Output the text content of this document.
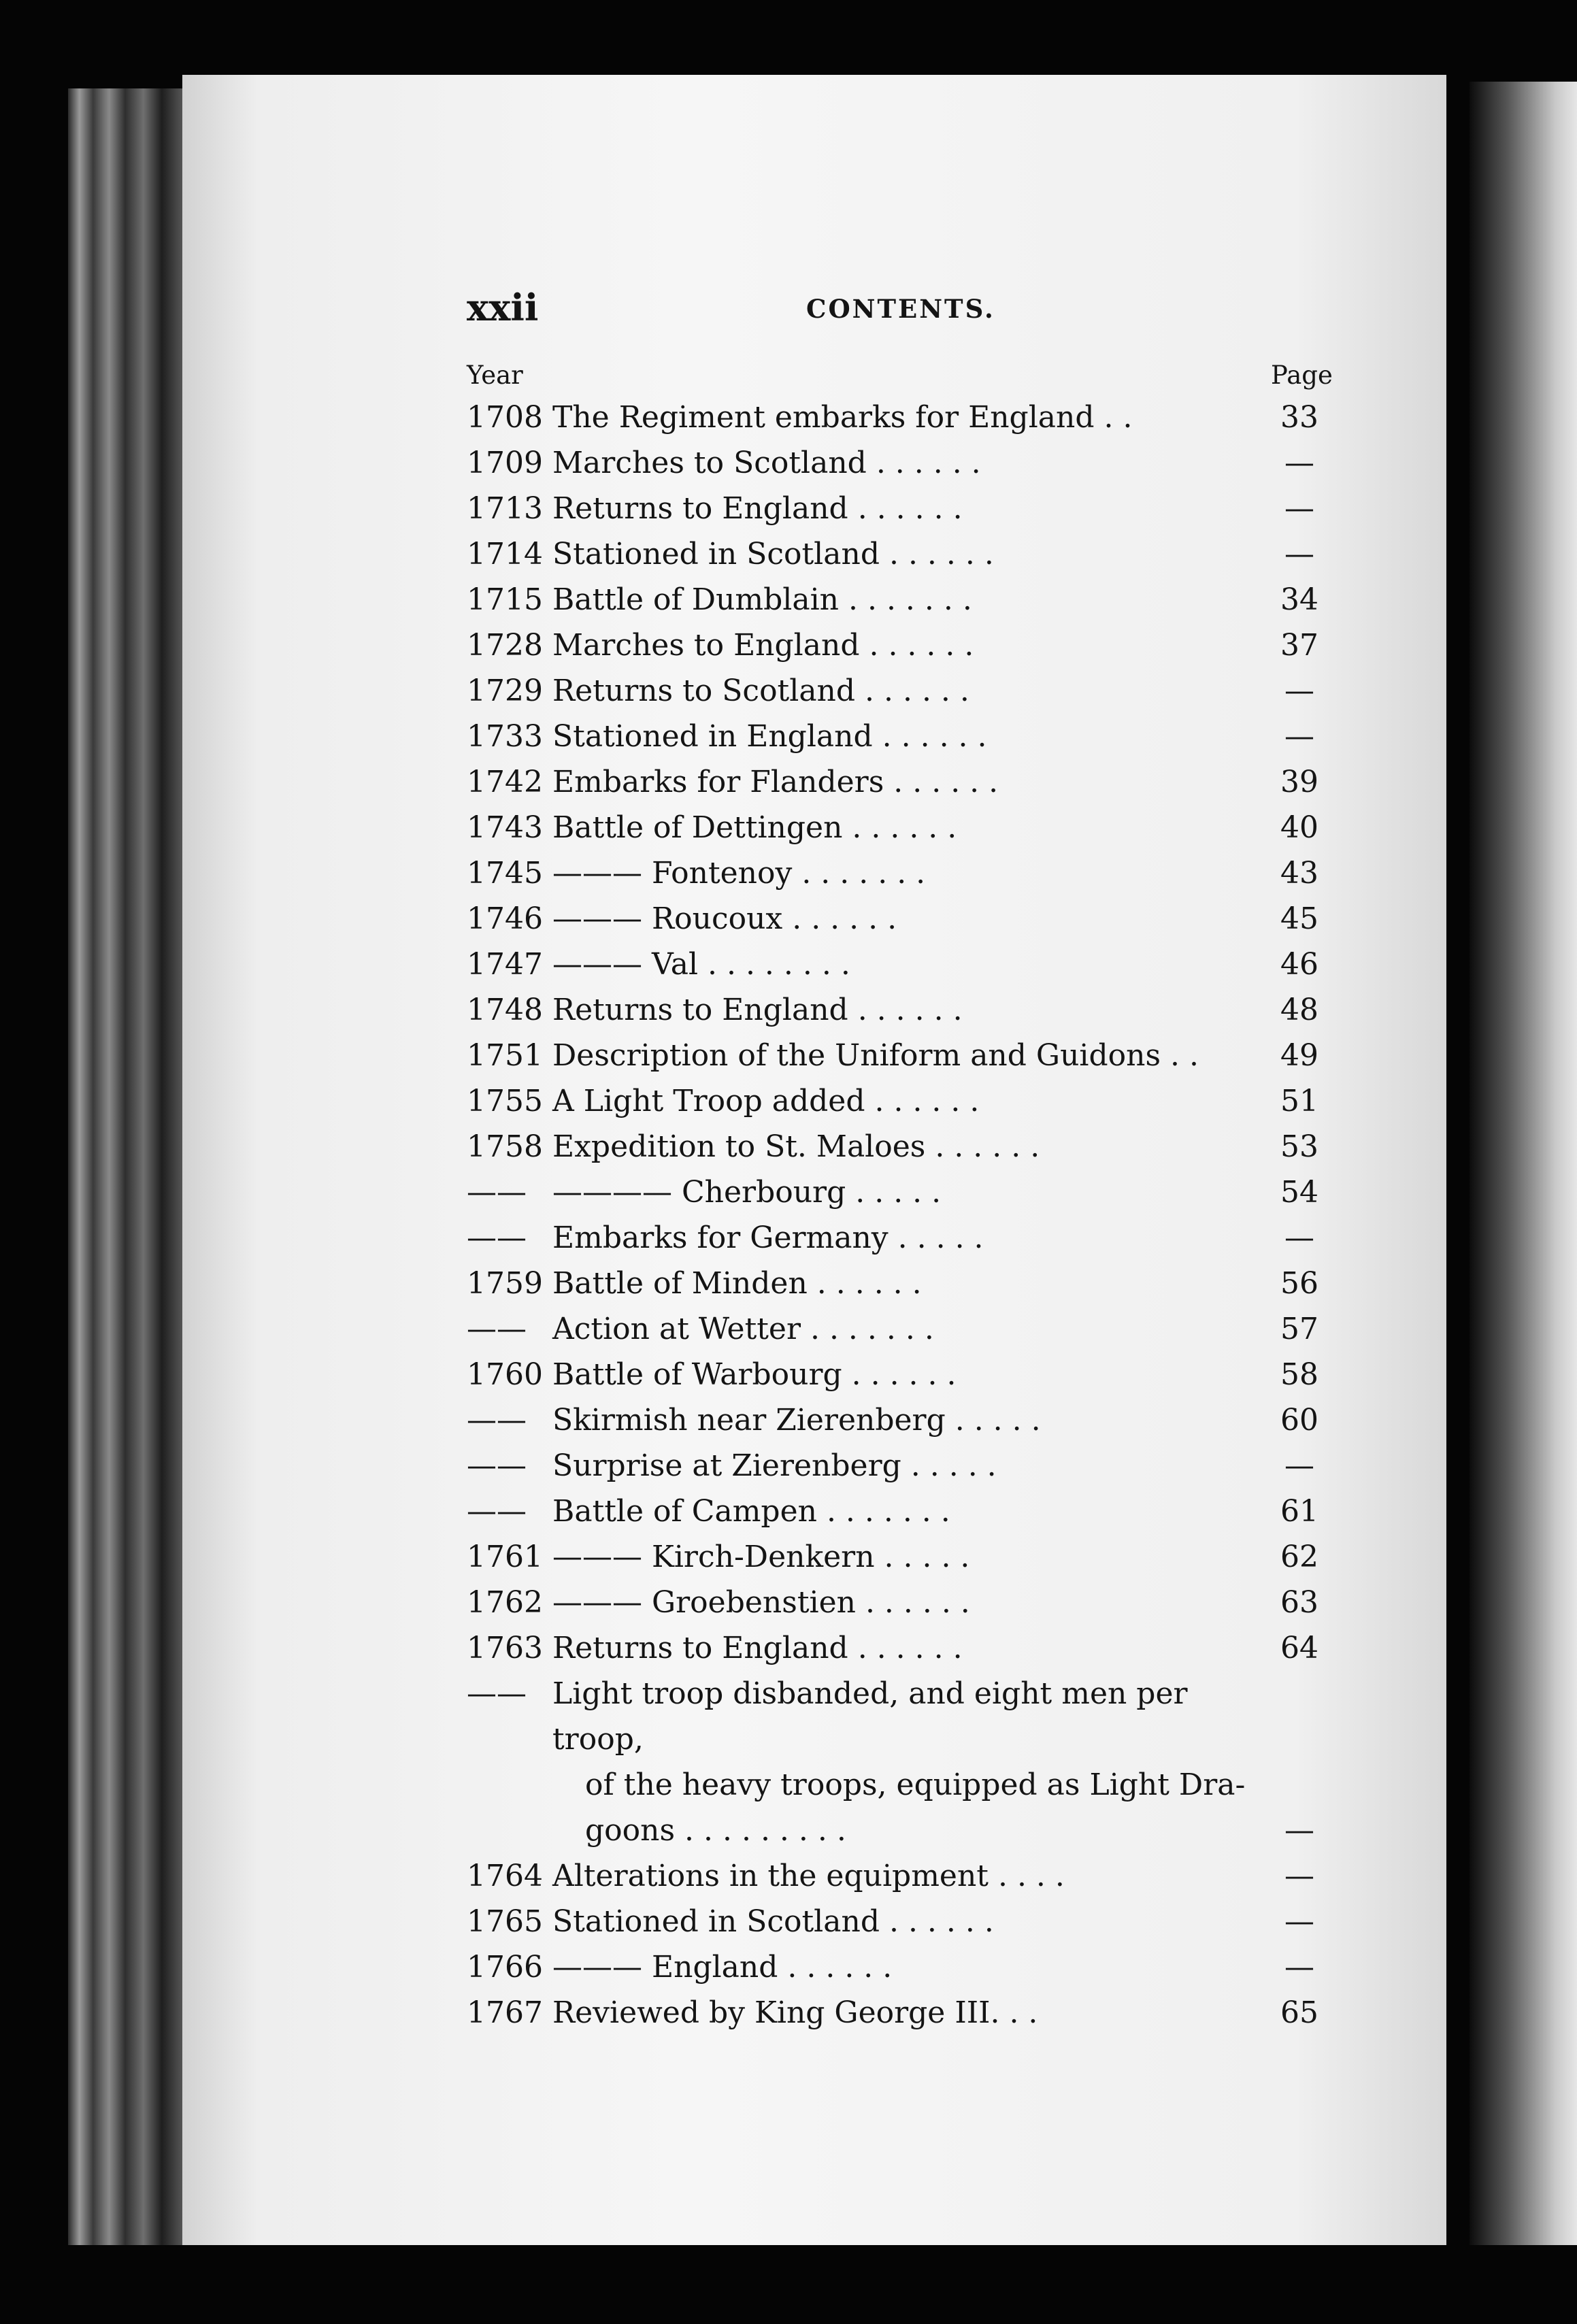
xxii	CONTENTS.
Year	Page
1708 The Regiment embarks for England . .	33
1709 Marches to Scotland . . . . . .	—
1713 Returns to England . . . . . .	—
1714 Stationed in Scotland . . . . . .	—
1715 Battle of Dumblain . . . . . . .	34
1728 Marches to England . . . . . .	37
1729 Returns to Scotland . . . . . .	—
1733 Stationed in England . . . . . .	—
1742 Embarks for Flanders . . . . . .	39
1743 Battle of Dettingen . . . . . .	40
1745 ——— Fontenoy . . . . . . .	43
1746 ——— Roucoux . . . . . .	45
1747 ——— Val . . . . . . . .	46
1748 Returns to England . . . . . .	48
1751 Description of the Uniform and Guidons . .	49
1755 A Light Troop added . . . . . .	51
1758 Expedition to St. Maloes . . . . . .	53
—— ———— Cherbourg . . . . .	54
—— Embarks for Germany . . . . .	—
1759 Battle of Minden . . . . . .	56
—— Action at Wetter . . . . . . .	57
1760 Battle of Warbourg . . . . . .	58
—— Skirmish near Zierenberg . . . . .	60
—— Surprise at Zierenberg . . . . .	—
—— Battle of Campen . . . . . . .	61
1761 ——— Kirch-Denkern . . . . .	62
1762 ——— Groebenstien . . . . . .	63
1763 Returns to England . . . . . .	64
—— Light troop disbanded, and eight men per troop,
of the heavy troops, equipped as Light Dra-
goons . . . . . . . . .	—
1764 Alterations in the equipment . . . .	—
1765 Stationed in Scotland . . . . . .	—
1766 ——— England . . . . . .	—
1767 Reviewed by King George III. . .	65
